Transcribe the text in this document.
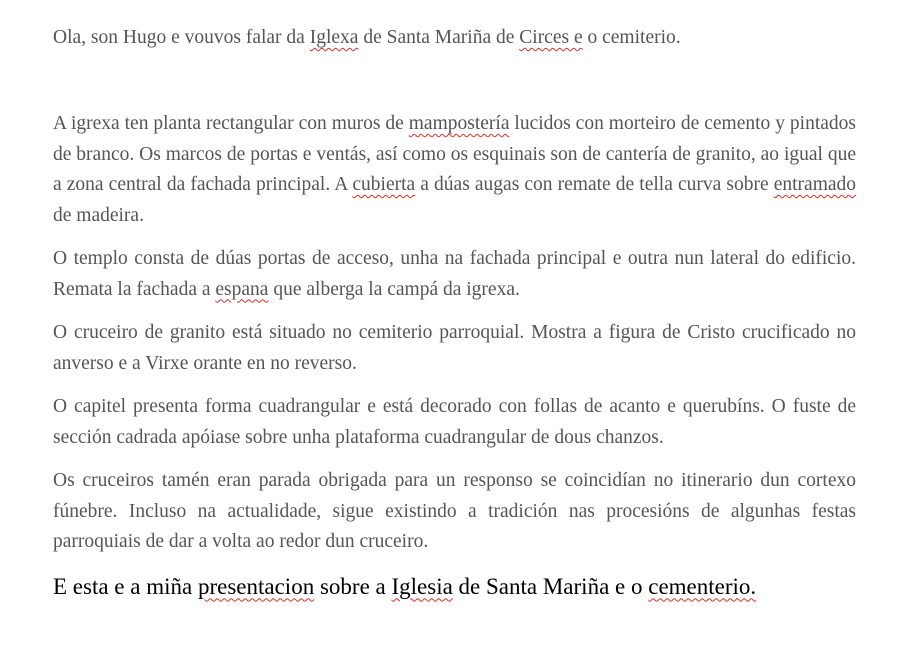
Ola, son Hugo e vouvos falar da Iglexa de Santa Mariña de Circes e o cemiterio.

A igrexa ten planta rectangular con muros de mampostería lucidos con morteiro de cemento y pintados de branco. Os marcos de portas e ventás, así como os esquinais son de cantería de granito, ao igual que a zona central da fachada principal. A cubierta a dúas augas con remate de tella curva sobre entramado de madeira.

O templo consta de dúas portas de acceso, unha na fachada principal e outra nun lateral do edificio. Remata la fachada a espana que alberga la campá da igrexa.

O cruceiro de granito está situado no cemiterio parroquial. Mostra a figura de Cristo crucificado no anverso e a Virxe orante en no reverso.

O capitel presenta forma cuadrangular e está decorado con follas de acanto e querubíns. O fuste de sección cadrada apóiase sobre unha plataforma cuadrangular de dous chanzos.

Os cruceiros tamén eran parada obrigada para un responso se coincidían no itinerario dun cortexo fúnebre. Incluso na actualidade, sigue existindo a tradición nas procesións de algunhas festas parroquiais de dar a volta ao redor dun cruceiro.

E esta e a miña presentacion sobre a Iglesia de Santa Mariña e o cementerio.
